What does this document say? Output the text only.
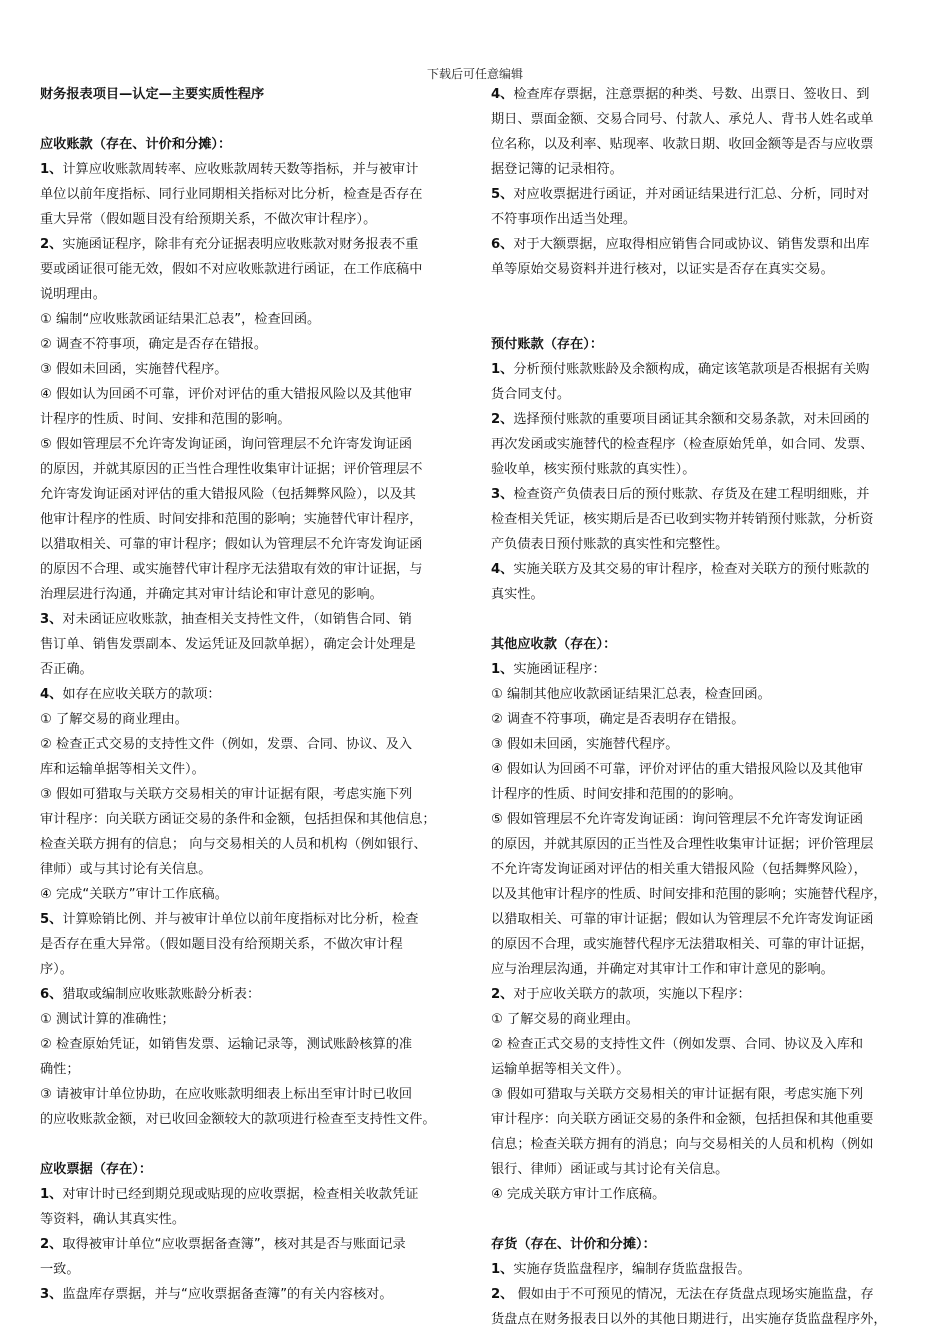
下载后可任意编辑
财务报表项目—认定—主要实质性程序
应收账款（存在、计价和分摊）：
1、计算应收账款周转率、应收账款周转天数等指标，并与被审计
单位以前年度指标、同行业同期相关指标对比分析，检查是否存在
重大异常（假如题目没有给预期关系，不做次审计程序）。
2、实施函证程序，除非有充分证据表明应收账款对财务报表不重
要或函证很可能无效，假如不对应收账款进行函证，在工作底稿中
说明理由。
① 编制“应收账款函证结果汇总表”，检查回函。
② 调查不符事项，确定是否存在错报。
③ 假如未回函，实施替代程序。
④ 假如认为回函不可靠，评价对评估的重大错报风险以及其他审
计程序的性质、时间、安排和范围的影响。
⑤ 假如管理层不允许寄发询证函，询问管理层不允许寄发询证函
的原因，并就其原因的正当性合理性收集审计证据；评价管理层不
允许寄发询证函对评估的重大错报风险（包括舞弊风险），以及其
他审计程序的性质、时间安排和范围的影响；实施替代审计程序，
以猎取相关、可靠的审计程序；假如认为管理层不允许寄发询证函
的原因不合理、或实施替代审计程序无法猎取有效的审计证据，与
治理层进行沟通，并确定其对审计结论和审计意见的影响。
3、对未函证应收账款，抽查相关支持性文件，（如销售合同、销
售订单、销售发票副本、发运凭证及回款单据），确定会计处理是
否正确。
4、如存在应收关联方的款项：
① 了解交易的商业理由。
② 检查正式交易的支持性文件（例如，发票、合同、协议、及入
库和运输单据等相关文件）。
③ 假如可猎取与关联方交易相关的审计证据有限，考虑实施下列
审计程序：向关联方函证交易的条件和金额，包括担保和其他信息；
检查关联方拥有的信息； 向与交易相关的人员和机构（例如银行、
律师）或与其讨论有关信息。
④ 完成“关联方”审计工作底稿。
5、计算赊销比例、并与被审计单位以前年度指标对比分析，检查
是否存在重大异常。（假如题目没有给预期关系，不做次审计程
序）。
6、猎取或编制应收账款账龄分析表：
① 测试计算的准确性；
② 检查原始凭证，如销售发票、运输记录等，测试账龄核算的准
确性；
③ 请被审计单位协助，在应收账款明细表上标出至审计时已收回
的应收账款金额，对已收回金额较大的款项进行检查至支持性文件。
应收票据（存在）：
1、对审计时已经到期兑现或贴现的应收票据，检查相关收款凭证
等资料，确认其真实性。
2、取得被审计单位“应收票据备查簿”，核对其是否与账面记录
一致。
3、监盘库存票据，并与“应收票据备查簿”的有关内容核对。
4、检查库存票据，注意票据的种类、号数、出票日、签收日、到
期日、票面金额、交易合同号、付款人、承兑人、背书人姓名或单
位名称，以及利率、贴现率、收款日期、收回金额等是否与应收票
据登记簿的记录相符。
5、对应收票据进行函证，并对函证结果进行汇总、分析，同时对
不符事项作出适当处理。
6、对于大额票据，应取得相应销售合同或协议、销售发票和出库
单等原始交易资料并进行核对，以证实是否存在真实交易。
预付账款（存在）：
1、分析预付账款账龄及余额构成，确定该笔款项是否根据有关购
货合同支付。
2、选择预付账款的重要项目函证其余额和交易条款，对未回函的
再次发函或实施替代的检查程序（检查原始凭单，如合同、发票、
验收单，核实预付账款的真实性）。
3、检查资产负债表日后的预付账款、存货及在建工程明细账，并
检查相关凭证，核实期后是否已收到实物并转销预付账款，分析资
产负债表日预付账款的真实性和完整性。
4、实施关联方及其交易的审计程序，检查对关联方的预付账款的
真实性。
其他应收款（存在）：
1、实施函证程序：
① 编制其他应收款函证结果汇总表，检查回函。
② 调查不符事项，确定是否表明存在错报。
③ 假如未回函，实施替代程序。
④ 假如认为回函不可靠，评价对评估的重大错报风险以及其他审
计程序的性质、时间安排和范围的的影响。
⑤ 假如管理层不允许寄发询证函：询问管理层不允许寄发询证函
的原因，并就其原因的正当性及合理性收集审计证据；评价管理层
不允许寄发询证函对评估的相关重大错报风险（包括舞弊风险），
以及其他审计程序的性质、时间安排和范围的影响；实施替代程序，
以猎取相关、可靠的审计证据；假如认为管理层不允许寄发询证函
的原因不合理，或实施替代程序无法猎取相关、可靠的审计证据，
应与治理层沟通，并确定对其审计工作和审计意见的影响。
2、对于应收关联方的款项，实施以下程序：
① 了解交易的商业理由。
② 检查正式交易的支持性文件（例如发票、合同、协议及入库和
运输单据等相关文件）。
③ 假如可猎取与关联方交易相关的审计证据有限，考虑实施下列
审计程序：向关联方函证交易的条件和金额，包括担保和其他重要
信息；检查关联方拥有的消息；向与交易相关的人员和机构（例如
银行、律师）函证或与其讨论有关信息。
④ 完成关联方审计工作底稿。
存货（存在、计价和分摊）：
1、实施存货监盘程序，编制存货监盘报告。
2、 假如由于不可预见的情况，无法在存货盘点现场实施监盘，存
货盘点在财务报表日以外的其他日期进行，出实施存货监盘程序外，
